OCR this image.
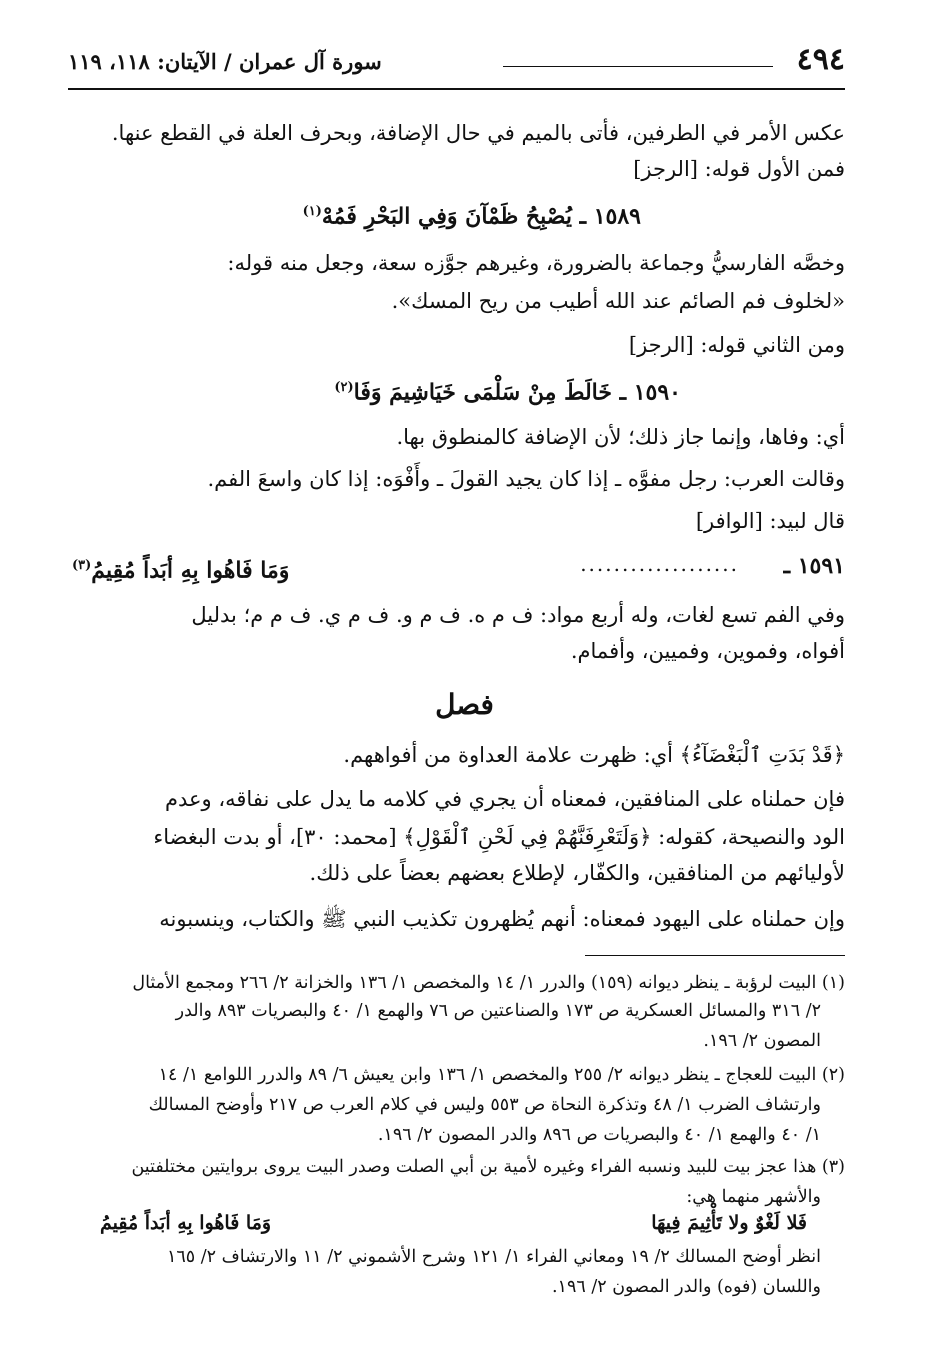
٤٩٤
سورة آل عمران / الآيتان: ١١٨، ١١٩
عكس الأمر في الطرفين، فأتى بالميم في حال الإضافة، وبحرف العلة في القطع عنها.
فمن الأول قوله: [الرجز]
١٥٨٩ ـ يُصْبِحُ ظَمْآنَ وَفِي البَحْرِ فَمُهْ$^{(١)}$
وخصَّه الفارسيُّ وجماعة بالضرورة، وغيرهم جوَّزه سعة، وجعل منه قوله:
«لخلوف فم الصائم عند الله أطيب من ريح المسك».
ومن الثاني قوله: [الرجز]
١٥٩٠ ـ خَالَطَ مِنْ سَلْمَى خَيَاشِيمَ وَفَا$^{(٢)}$
أي: وفاها، وإنما جاز ذلك؛ لأن الإضافة كالمنطوق بها.
وقالت العرب: رجل مفوَّه ـ إذا كان يجيد القولَ ـ وأَفْوَه: إذا كان واسعَ الفم.
قال لبيد: [الوافر]
١٥٩١ ـ
...................
وَمَا فَاهُوا بِهِ أبَداً مُقِيمُ$^{(٣)}$
وفي الفم تسع لغات، وله أربع مواد: ف م ه. ف م و. ف م ي. ف م م؛ بدليل
أفواه، وفموين، وفميين، وأفمام.
فصل
﴿قَدْ بَدَتِ ٱلْبَغْضَآءُ﴾ أي: ظهرت علامة العداوة من أفواههم.
فإن حملناه على المنافقين، فمعناه أن يجري في كلامه ما يدل على نفاقه، وعدم
الود والنصيحة، كقوله: ﴿وَلَتَعْرِفَنَّهُمْ فِي لَحْنِ ٱلْقَوْلِ﴾ [محمد: ٣٠]، أو بدت البغضاء
لأوليائهم من المنافقين، والكفّار، لإطلاع بعضهم بعضاً على ذلك.
وإن حملناه على اليهود فمعناه: أنهم يُظهرون تكذيب النبي ﷺ والكتاب، وينسبونه
(١) البيت لرؤبة ـ ينظر ديوانه (١٥٩) والدرر ١/ ١٤ والمخصص ١/ ١٣٦ والخزانة ٢/ ٢٦٦ ومجمع الأمثال
٢/ ٣١٦ والمسائل العسكرية ص ١٧٣ والصناعتين ص ٧٦ والهمع ١/ ٤٠ والبصريات ٨٩٣ والدر
المصون ٢/ ١٩٦.
(٢) البيت للعجاج ـ ينظر ديوانه ٢/ ٢٥٥ والمخصص ١/ ١٣٦ وابن يعيش ٦/ ٨٩ والدرر اللوامع ١/ ١٤
وارتشاف الضرب ١/ ٤٨ وتذكرة النحاة ص ٥٥٣ وليس في كلام العرب ص ٢١٧ وأوضح المسالك
١/ ٤٠ والهمع ١/ ٤٠ والبصريات ص ٨٩٦ والدر المصون ٢/ ١٩٦.
(٣) هذا عجز بيت للبيد ونسبه الفراء وغيره لأمية بن أبي الصلت وصدر البيت يروى بروايتين مختلفتين
والأشهر منهما هي:
فَلا لَغْوٌ ولا تَأْثِيمَ فِيهَا
وَمَا فَاهُوا بِهِ أبَداً مُقِيمُ
انظر أوضح المسالك ٢/ ١٩ ومعاني الفراء ١/ ١٢١ وشرح الأشموني ٢/ ١١ والارتشاف ٢/ ١٦٥
واللسان (فوه) والدر المصون ٢/ ١٩٦.
